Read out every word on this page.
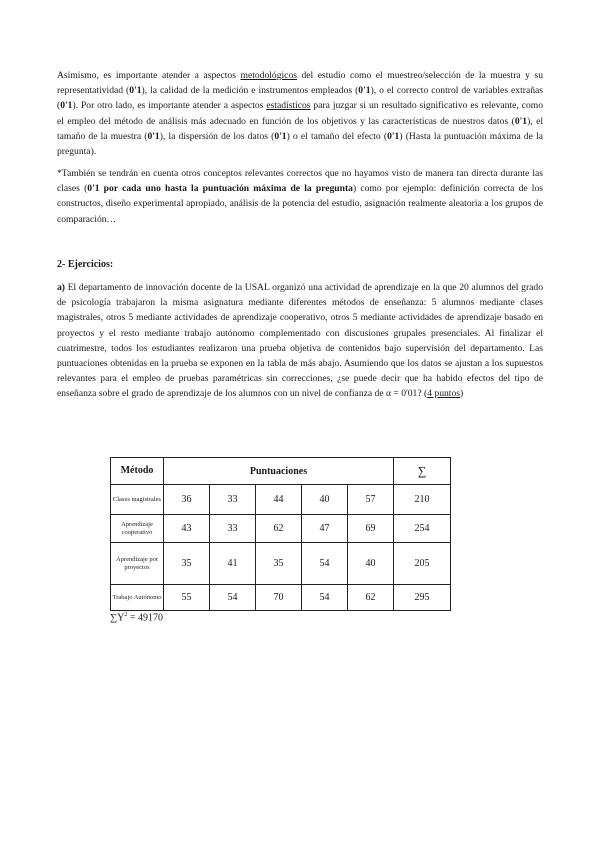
Asimismo, es importante atender a aspectos metodológicos del estudio como el muestreo/selección de la muestra y su representatividad (0'1), la calidad de la medición e instrumentos empleados (0'1), o el correcto control de variables extrañas (0'1). Por otro lado, es importante atender a aspectos estadísticos para juzgar si un resultado significativo es relevante, como el empleo del método de análisis más adecuado en función de los objetivos y las características de nuestros datos (0'1), el tamaño de la muestra (0'1), la dispersión de los datos (0'1) o el tamaño del efecto (0'1) (Hasta la puntuación máxima de la pregunta).

*También se tendrán en cuenta otros conceptos relevantes correctos que no hayamos visto de manera tan directa durante las clases (0'1 por cada uno hasta la puntuación máxima de la pregunta) como por ejemplo: definición correcta de los constructos, diseño experimental apropiado, análisis de la potencia del estudio, asignación realmente aleatoria a los grupos de comparación…

2- Ejercicios:

a) El departamento de innovación docente de la USAL organizó una actividad de aprendizaje en la que 20 alumnos del grado de psicología trabajaron la misma asignatura mediante diferentes métodos de enseñanza: 5 alumnos mediante clases magistrales, otros 5 mediante actividades de aprendizaje cooperativo, otros 5 mediante actividades de aprendizaje basado en proyectos y el resto mediante trabajo autónomo complementado con discusiones grupales presenciales. Al finalizar el cuatrimestre, todos los estudiantes realizaron una prueba objetiva de contenidos bajo supervisión del departamento. Las puntuaciones obtenidas en la prueba se exponen en la tabla de más abajo. Asumiendo que los datos se ajustan a los supuestos relevantes para el empleo de pruebas paramétricas sin correcciones, ¿se puede decir que ha habido efectos del tipo de enseñanza sobre el grado de aprendizaje de los alumnos con un nivel de confianza de α = 0'01? (4 puntos)

Método	Puntuaciones					∑
Clases magistrales	36	33	44	40	57	210
Aprendizaje cooperativo	43	33	62	47	69	254
Aprendizaje por proyectos	35	41	35	54	40	205
Trabajo Autónomo	55	54	70	54	62	295
$\sum Y^2 = 49170$
